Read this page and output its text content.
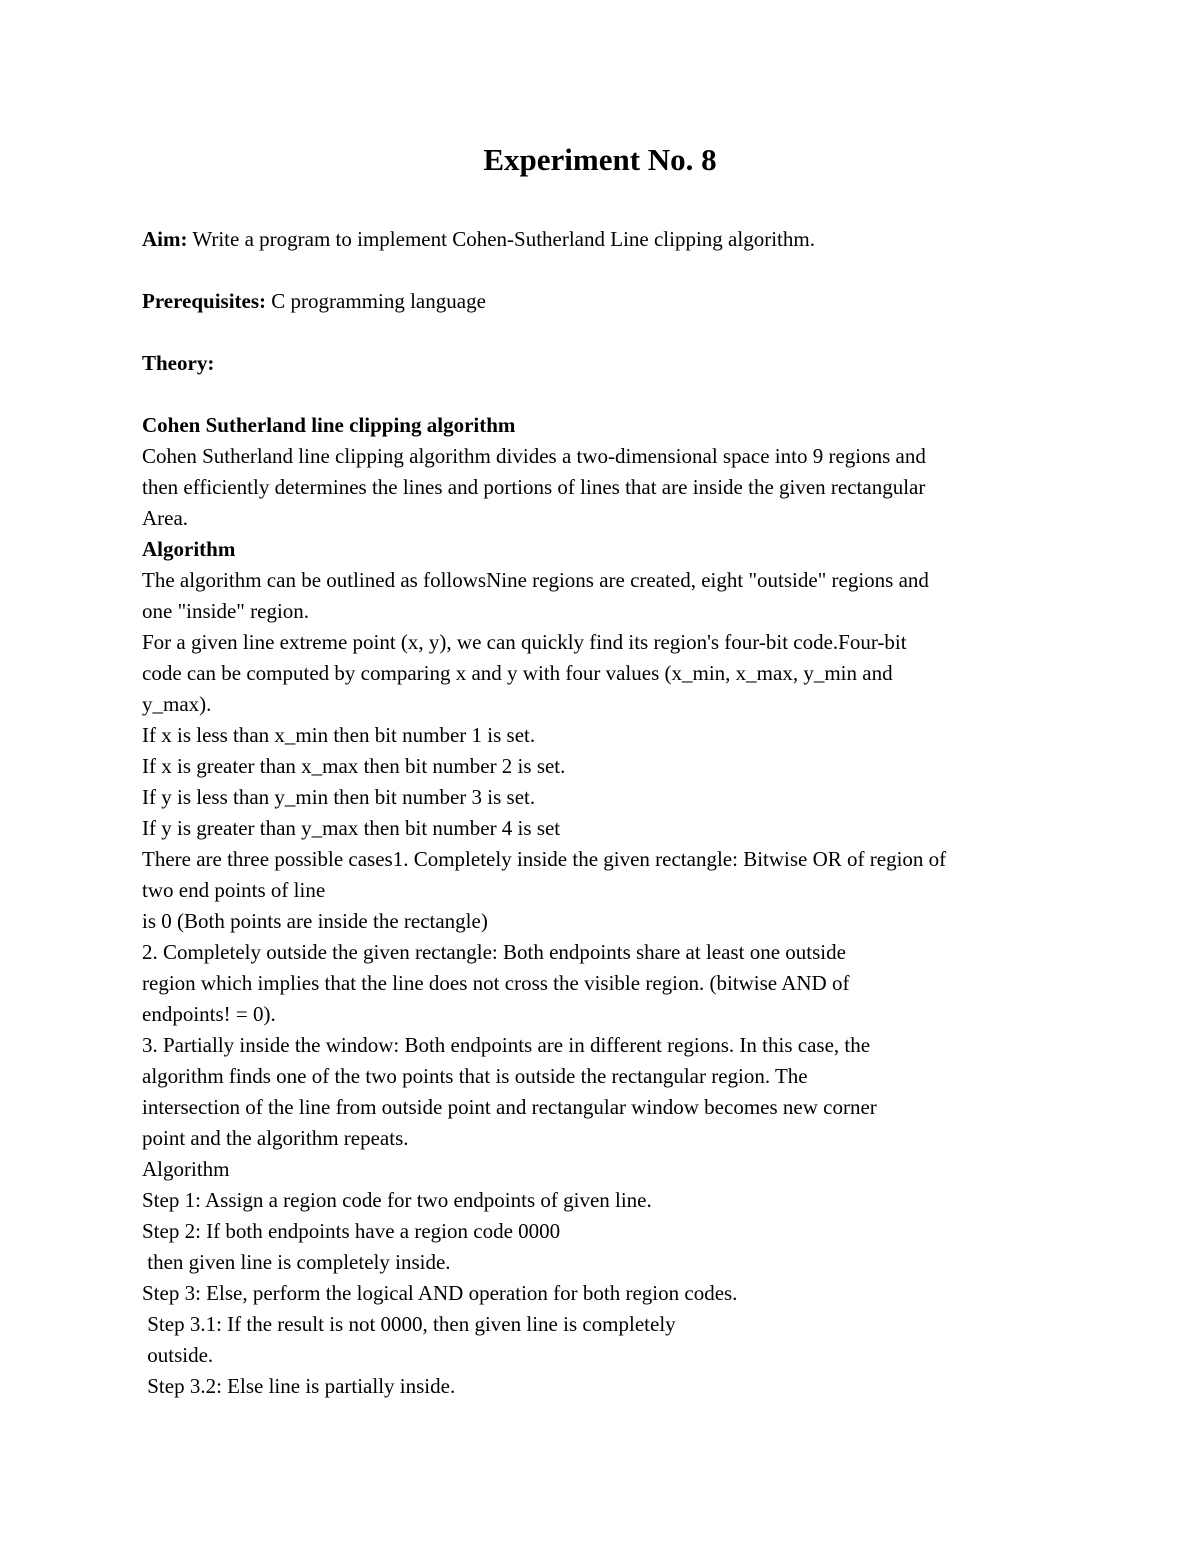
Experiment No. 8
Aim: Write a program to implement Cohen-Sutherland Line clipping algorithm.
Prerequisites: C programming language
Theory:
Cohen Sutherland line clipping algorithm
Cohen Sutherland line clipping algorithm divides a two-dimensional space into 9 regions and
then efficiently determines the lines and portions of lines that are inside the given rectangular
Area.
Algorithm
The algorithm can be outlined as followsNine regions are created, eight "outside" regions and
one "inside" region.
For a given line extreme point (x, y), we can quickly find its region's four-bit code.Four-bit
code can be computed by comparing x and y with four values (x_min, x_max, y_min and
y_max).
If x is less than x_min then bit number 1 is set.
If x is greater than x_max then bit number 2 is set.
If y is less than y_min then bit number 3 is set.
If y is greater than y_max then bit number 4 is set
There are three possible cases1. Completely inside the given rectangle: Bitwise OR of region of
two end points of line
is 0 (Both points are inside the rectangle)
2. Completely outside the given rectangle: Both endpoints share at least one outside
region which implies that the line does not cross the visible region. (bitwise AND of
endpoints! = 0).
3. Partially inside the window: Both endpoints are in different regions. In this case, the
algorithm finds one of the two points that is outside the rectangular region. The
intersection of the line from outside point and rectangular window becomes new corner
point and the algorithm repeats.
Algorithm
Step 1: Assign a region code for two endpoints of given line.
Step 2: If both endpoints have a region code 0000
then given line is completely inside.
Step 3: Else, perform the logical AND operation for both region codes.
Step 3.1: If the result is not 0000, then given line is completely
outside.
Step 3.2: Else line is partially inside.
